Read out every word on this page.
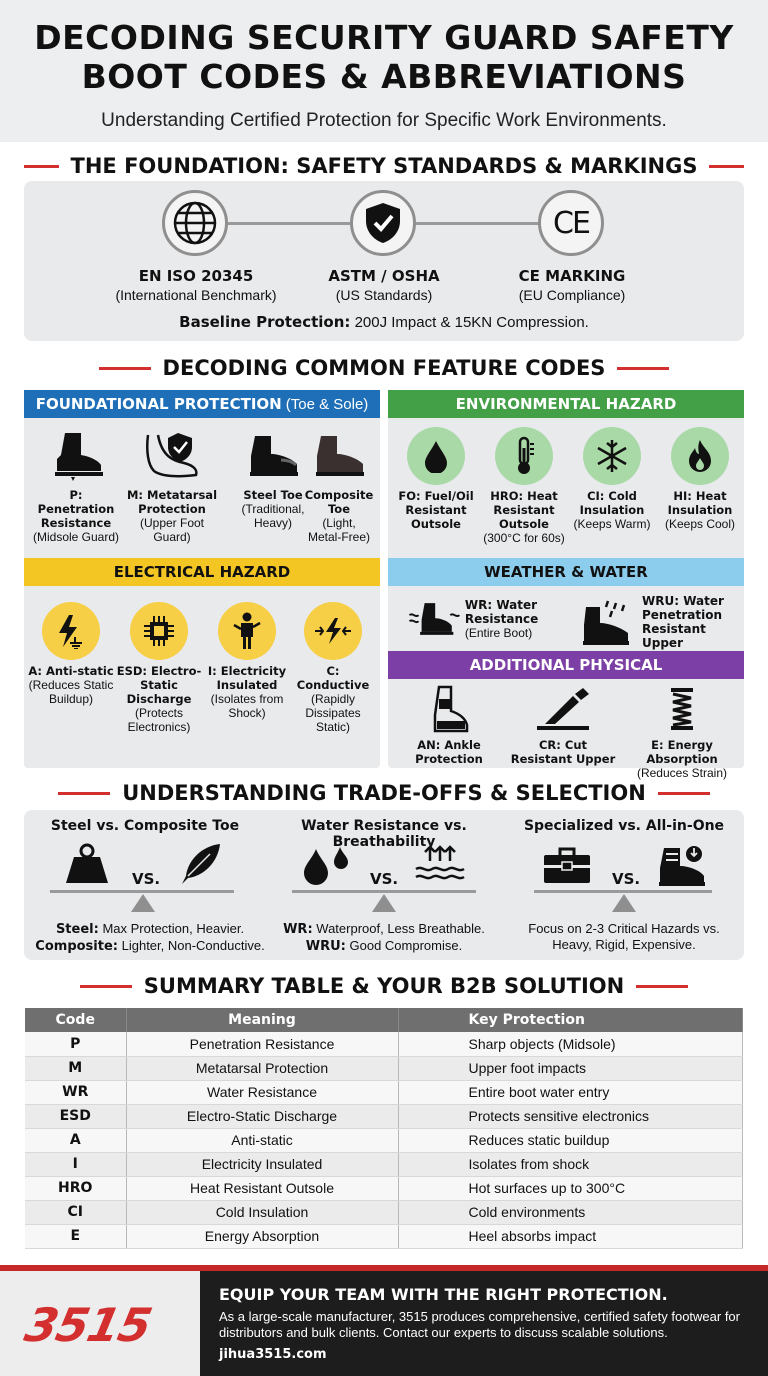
DECODING SECURITY GUARD SAFETY
BOOT CODES & ABBREVIATIONS
Understanding Certified Protection for Specific Work Environments.
THE FOUNDATION: SAFETY STANDARDS & MARKINGS
CE
EN ISO 20345
(International Benchmark)
ASTM / OSHA
(US Standards)
CE MARKING
(EU Compliance)
Baseline Protection: 200J Impact & 15KN Compression.
DECODING COMMON FEATURE CODES
FOUNDATIONAL PROTECTION (Toe & Sole)
P: Penetration Resistance
(Midsole Guard)
M: Metatarsal Protection
(Upper Foot Guard)
Steel Toe
(Traditional, Heavy)
Composite Toe
(Light, Metal-Free)
ENVIRONMENTAL HAZARD
FO: Fuel/Oil Resistant Outsole
HRO: Heat Resistant Outsole
(300°C for 60s)
CI: Cold Insulation
(Keeps Warm)
HI: Heat Insulation
(Keeps Cool)
ELECTRICAL HAZARD
A: Anti-static
(Reduces Static Buildup)
ESD: Electro-Static Discharge
(Protects Electronics)
I: Electricity Insulated
(Isolates from Shock)
C: Conductive
(Rapidly Dissipates Static)
WEATHER & WATER
WR: Water Resistance
(Entire Boot)
WRU: Water Penetration Resistant Upper
ADDITIONAL PHYSICAL
AN: Ankle Protection
CR: Cut Resistant Upper
E: Energy Absorption
(Reduces Strain)
UNDERSTANDING TRADE-OFFS & SELECTION
Steel vs. Composite Toe
VS.
Steel: Max Protection, Heavier.
Composite: Lighter, Non-Conductive.
Water Resistance vs. Breathability
VS.
WR: Waterproof, Less Breathable.
WRU: Good Compromise.
Specialized vs. All-in-One
VS.
Focus on 2-3 Critical Hazards vs.
Heavy, Rigid, Expensive.
SUMMARY TABLE & YOUR B2B SOLUTION
Code	Meaning	Key Protection
P	Penetration Resistance	Sharp objects (Midsole)
M	Metatarsal Protection	Upper foot impacts
WR	Water Resistance	Entire boot water entry
ESD	Electro-Static Discharge	Protects sensitive electronics
A	Anti-static	Reduces static buildup
I	Electricity Insulated	Isolates from shock
HRO	Heat Resistant Outsole	Hot surfaces up to 300°C
CI	Cold Insulation	Cold environments
E	Energy Absorption	Heel absorbs impact
3515
EQUIP YOUR TEAM WITH THE RIGHT PROTECTION.
As a large-scale manufacturer, 3515 produces comprehensive, certified safety footwear for distributors and bulk clients. Contact our experts to discuss scalable solutions.
jihua3515.com
